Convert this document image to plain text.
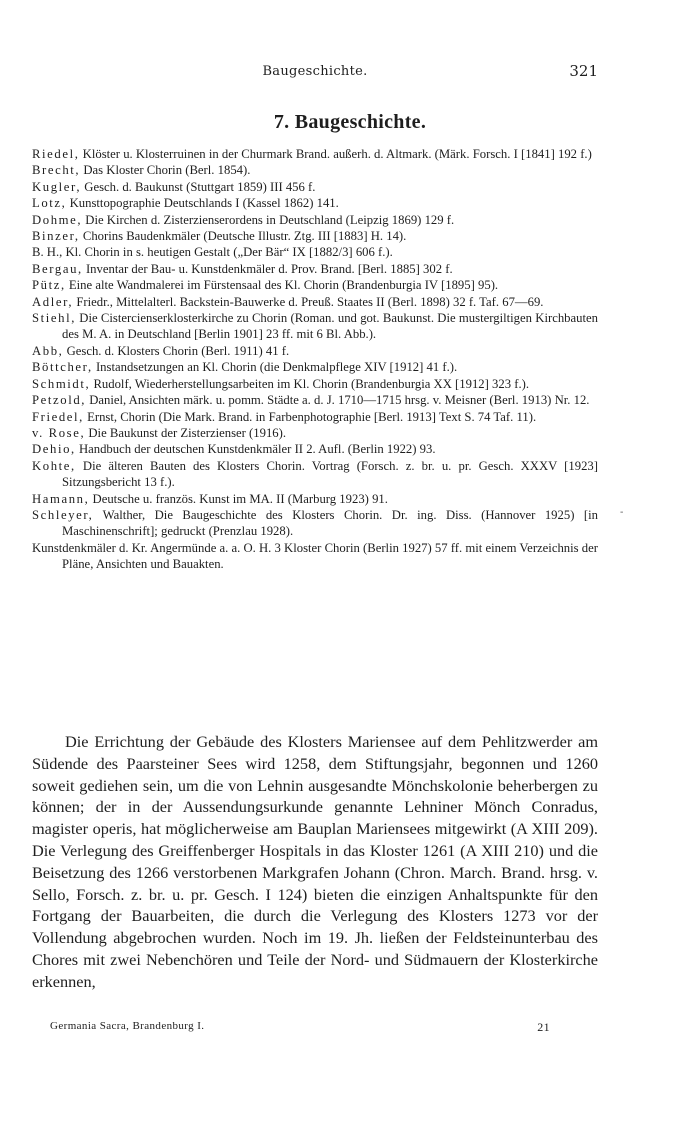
Baugeschichte.	321
7. Baugeschichte.
Riedel, Klöster u. Klosterruinen in der Churmark Brand. außerh. d. Altmark. (Märk. Forsch. I [1841] 192 f.)
Brecht, Das Kloster Chorin (Berl. 1854).
Kugler, Gesch. d. Baukunst (Stuttgart 1859) III 456 f.
Lotz, Kunsttopographie Deutschlands I (Kassel 1862) 141.
Dohme, Die Kirchen d. Zisterzienserordens in Deutschland (Leipzig 1869) 129 f.
Binzer, Chorins Baudenkmäler (Deutsche Illustr. Ztg. III [1883] H. 14).
B. H., Kl. Chorin in s. heutigen Gestalt („Der Bär“ IX [1882/3] 606 f.).
Bergau, Inventar der Bau- u. Kunstdenkmäler d. Prov. Brand. [Berl. 1885] 302 f.
Pütz, Eine alte Wandmalerei im Fürstensaal des Kl. Chorin (Brandenburgia IV [1895] 95).
Adler, Friedr., Mittelalterl. Backstein-Bauwerke d. Preuß. Staates II (Berl. 1898) 32 f. Taf. 67—69.
Stiehl, Die Cistercienserklosterkirche zu Chorin (Roman. und got. Baukunst. Die mustergiltigen Kirchbauten des M. A. in Deutschland [Berlin 1901] 23 ff. mit 6 Bl. Abb.).
Abb, Gesch. d. Klosters Chorin (Berl. 1911) 41 f.
Böttcher, Instandsetzungen an Kl. Chorin (die Denkmalpflege XIV [1912] 41 f.).
Schmidt, Rudolf, Wiederherstellungsarbeiten im Kl. Chorin (Brandenburgia XX [1912] 323 f.).
Petzold, Daniel, Ansichten märk. u. pomm. Städte a. d. J. 1710—1715 hrsg. v. Meisner (Berl. 1913) Nr. 12.
Friedel, Ernst, Chorin (Die Mark. Brand. in Farbenphotographie [Berl. 1913] Text S. 74 Taf. 11).
v. Rose, Die Baukunst der Zisterzienser (1916).
Dehio, Handbuch der deutschen Kunstdenkmäler II 2. Aufl. (Berlin 1922) 93.
Kohte, Die älteren Bauten des Klosters Chorin. Vortrag (Forsch. z. br. u. pr. Gesch. XXXV [1923] Sitzungsbericht 13 f.).
Hamann, Deutsche u. französ. Kunst im MA. II (Marburg 1923) 91.
Schleyer, Walther, Die Baugeschichte des Klosters Chorin. Dr. ing. Diss. (Hannover 1925) [in Maschinenschrift]; gedruckt (Prenzlau 1928).
Kunstdenkmäler d. Kr. Angermünde a. a. O. H. 3 Kloster Chorin (Berlin 1927) 57 ff. mit einem Verzeichnis der Pläne, Ansichten und Bauakten.

Die Errichtung der Gebäude des Klosters Mariensee auf dem Pehlitzwerder am Südende des Paarsteiner Sees wird 1258, dem Stiftungsjahr, begonnen und 1260 soweit gediehen sein, um die von Lehnin ausgesandte Mönchskolonie beherbergen zu können; der in der Aussendungsurkunde genannte Lehniner Mönch Conradus, magister operis, hat möglicherweise am Bauplan Mariensees mitgewirkt (A XIII 209). Die Verlegung des Greiffenberger Hospitals in das Kloster 1261 (A XIII 210) und die Beisetzung des 1266 verstorbenen Markgrafen Johann (Chron. March. Brand. hrsg. v. Sello, Forsch. z. br. u. pr. Gesch. I 124) bieten die einzigen Anhaltspunkte für den Fortgang der Bauarbeiten, die durch die Verlegung des Klosters 1273 vor der Vollendung abgebrochen wurden. Noch im 19. Jh. ließen der Feldsteinunterbau des Chores mit zwei Nebenchören und Teile der Nord- und Südmauern der Klosterkirche erkennen,

Germania Sacra, Brandenburg I.	21
-
